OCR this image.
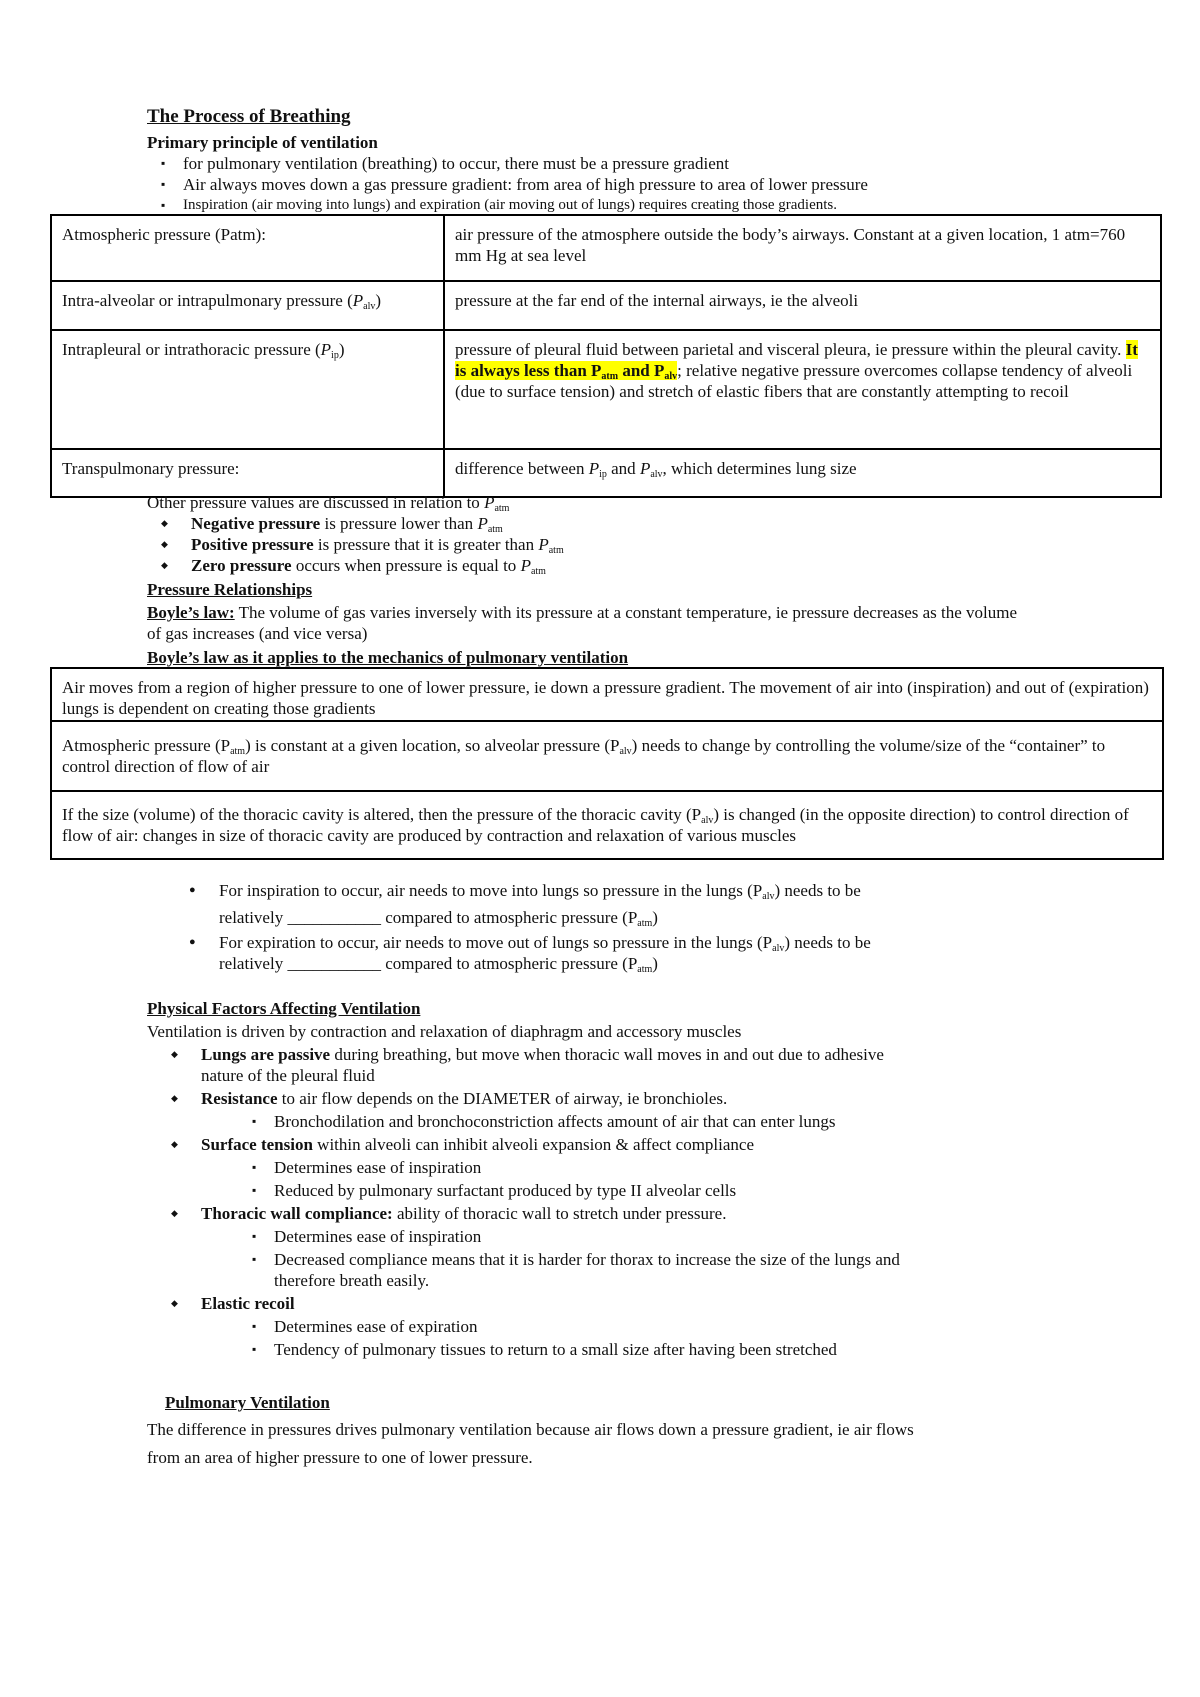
The Process of Breathing
Primary principle of ventilation
▪ for pulmonary ventilation (breathing) to occur, there must be a pressure gradient
▪ Air always moves down a gas pressure gradient: from area of high pressure to area of lower pressure
▪ Inspiration (air moving into lungs) and expiration (air moving out of lungs) requires creating those gradients.
Atmospheric pressure (Patm):	air pressure of the atmosphere outside the body’s airways. Constant at a given location, 1 atm=760 mm Hg at sea level
Intra-alveolar or intrapulmonary pressure $(P_{alv})$	pressure at the far end of the internal airways, ie the alveoli
Intrapleural or intrathoracic pressure $(P_{ip})$	pressure of pleural fluid between parietal and visceral pleura, ie pressure within the pleural cavity. It is always less than $P_{atm}$ and $P_{alv}$; relative negative pressure overcomes collapse tendency of alveoli (due to surface tension) and stretch of elastic fibers that are constantly attempting to recoil
Transpulmonary pressure:	difference between $P_{ip}$ and $P_{alv}$, which determines lung size
Other pressure values are discussed in relation to $P_{atm}$
◆ Negative pressure is pressure lower than $P_{atm}$
◆ Positive pressure is pressure that it is greater than $P_{atm}$
◆ Zero pressure occurs when pressure is equal to $P_{atm}$
Pressure Relationships
Boyle’s law: The volume of gas varies inversely with its pressure at a constant temperature, ie pressure decreases as the volume of gas increases (and vice versa)
Boyle’s law as it applies to the mechanics of pulmonary ventilation
Air moves from a region of higher pressure to one of lower pressure, ie down a pressure gradient. The movement of air into (inspiration) and out of (expiration) lungs is dependent on creating those gradients
Atmospheric pressure $(P_{atm})$ is constant at a given location, so alveolar pressure $(P_{alv})$ needs to change by controlling the volume/size of the “container” to control direction of flow of air
If the size (volume) of the thoracic cavity is altered, then the pressure of the thoracic cavity $(P_{alv})$ is changed (in the opposite direction) to control direction of flow of air: changes in size of thoracic cavity are produced by contraction and relaxation of various muscles
● For inspiration to occur, air needs to move into lungs so pressure in the lungs $(P_{alv})$ needs to be
relatively ___________ compared to atmospheric pressure $(P_{atm})$
● For expiration to occur, air needs to move out of lungs so pressure in the lungs $(P_{alv})$ needs to be
relatively ___________ compared to atmospheric pressure $(P_{atm})$
Physical Factors Affecting Ventilation
Ventilation is driven by contraction and relaxation of diaphragm and accessory muscles
◆ Lungs are passive during breathing, but move when thoracic wall moves in and out due to adhesive
nature of the pleural fluid
◆ Resistance to air flow depends on the DIAMETER of airway, ie bronchioles.
▪ Bronchodilation and bronchoconstriction affects amount of air that can enter lungs
◆ Surface tension within alveoli can inhibit alveoli expansion & affect compliance
▪ Determines ease of inspiration
▪ Reduced by pulmonary surfactant produced by type II alveolar cells
◆ Thoracic wall compliance: ability of thoracic wall to stretch under pressure.
▪ Determines ease of inspiration
▪ Decreased compliance means that it is harder for thorax to increase the size of the lungs and
therefore breath easily.
◆ Elastic recoil
▪ Determines ease of expiration
▪ Tendency of pulmonary tissues to return to a small size after having been stretched
Pulmonary Ventilation
The difference in pressures drives pulmonary ventilation because air flows down a pressure gradient, ie air flows
from an area of higher pressure to one of lower pressure.
